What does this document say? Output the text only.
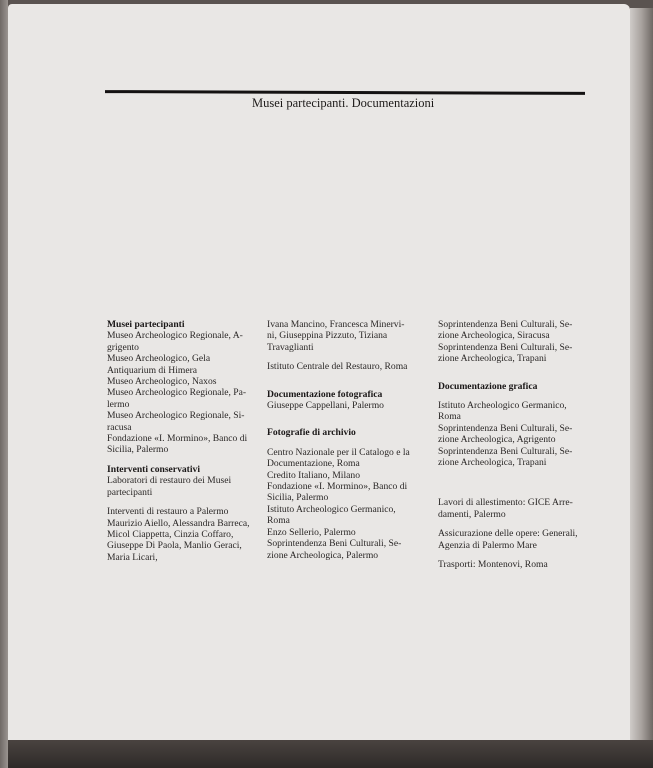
Musei partecipanti. Documentazioni
Musei partecipanti
Museo Archeologico Regionale, A-
grigento
Museo Archeologico, Gela
Antiquarium di Himera
Museo Archeologico, Naxos
Museo Archeologico Regionale, Pa-
lermo
Museo Archeologico Regionale, Si-
racusa
Fondazione «I. Mormino», Banco di
Sicilia, Palermo
Interventi conservativi
Laboratori di restauro dei Musei
partecipanti
Interventi di restauro a Palermo
Maurizio Aiello, Alessandra Barreca,
Micol Ciappetta, Cinzia Coffaro,
Giuseppe Di Paola, Manlio Geraci,
Maria Licari,
Ivana Mancino, Francesca Minervi-
ni, Giuseppina Pizzuto, Tiziana
Travaglianti
Istituto Centrale del Restauro, Roma
Documentazione fotografica
Giuseppe Cappellani, Palermo
Fotografie di archivio
Centro Nazionale per il Catalogo e la
Documentazione, Roma
Credito Italiano, Milano
Fondazione «I. Mormino», Banco di
Sicilia, Palermo
Istituto Archeologico Germanico,
Roma
Enzo Sellerio, Palermo
Soprintendenza Beni Culturali, Se-
zione Archeologica, Palermo
Soprintendenza Beni Culturali, Se-
zione Archeologica, Siracusa
Soprintendenza Beni Culturali, Se-
zione Archeologica, Trapani
Documentazione grafica
Istituto Archeologico Germanico,
Roma
Soprintendenza Beni Culturali, Se-
zione Archeologica, Agrigento
Soprintendenza Beni Culturali, Se-
zione Archeologica, Trapani
Lavori di allestimento: GICE Arre-
damenti, Palermo
Assicurazione delle opere: Generali,
Agenzia di Palermo Mare
Trasporti: Montenovi, Roma
